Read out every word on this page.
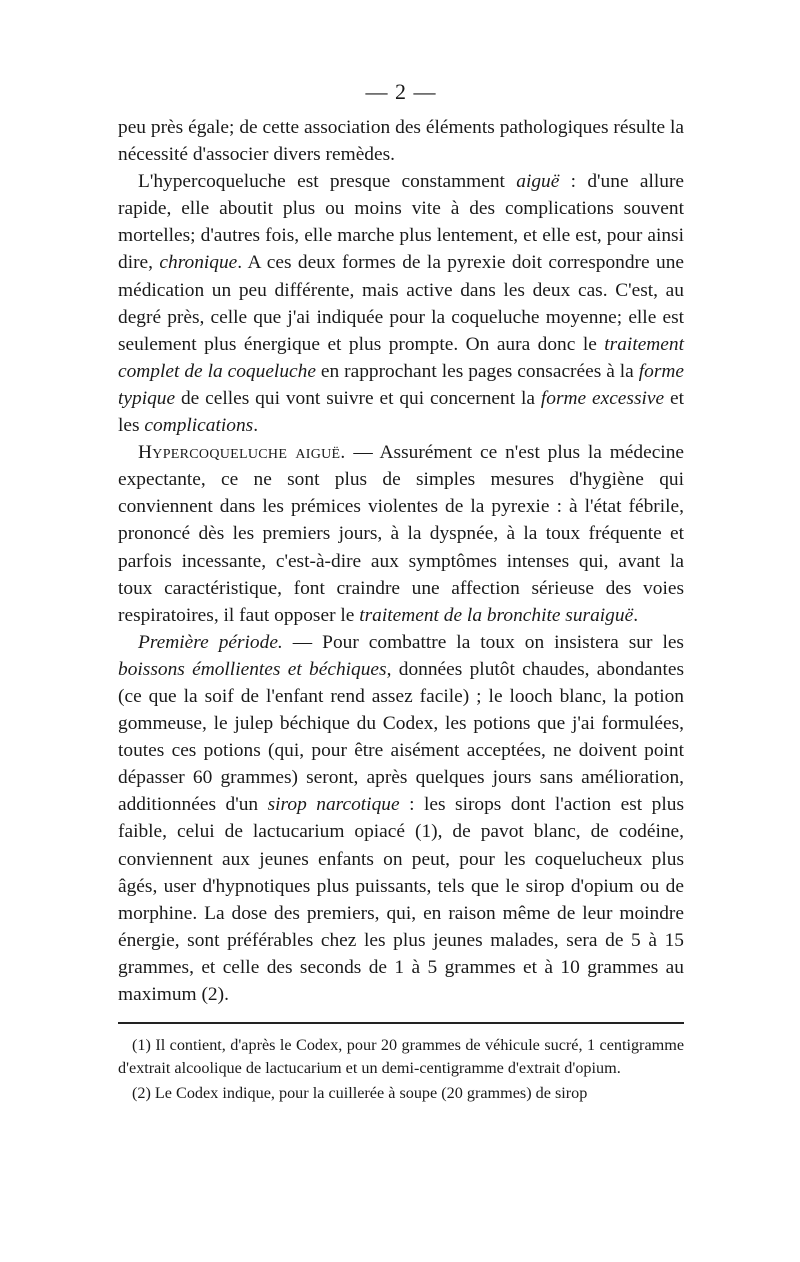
— 2 —

peu près égale; de cette association des éléments pathologiques résulte la nécessité d'associer divers remèdes.

L'hypercoqueluche est presque constamment aiguë : d'une allure rapide, elle aboutit plus ou moins vite à des complications souvent mortelles; d'autres fois, elle marche plus lentement, et elle est, pour ainsi dire, chronique. A ces deux formes de la pyrexie doit correspondre une médication un peu différente, mais active dans les deux cas. C'est, au degré près, celle que j'ai indiquée pour la coqueluche moyenne; elle est seulement plus énergique et plus prompte. On aura donc le traitement complet de la coqueluche en rapprochant les pages consacrées à la forme typique de celles qui vont suivre et qui concernent la forme excessive et les complications.

Hypercoqueluche aiguë. — Assurément ce n'est plus la médecine expectante, ce ne sont plus de simples mesures d'hygiène qui conviennent dans les prémices violentes de la pyrexie : à l'état fébrile, prononcé dès les premiers jours, à la dyspnée, à la toux fréquente et parfois incessante, c'est-à-dire aux symptômes intenses qui, avant la toux caractéristique, font craindre une affection sérieuse des voies respiratoires, il faut opposer le traitement de la bronchite suraiguë.

Première période. — Pour combattre la toux on insistera sur les boissons émollientes et béchiques, données plutôt chaudes, abondantes (ce que la soif de l'enfant rend assez facile) ; le looch blanc, la potion gommeuse, le julep béchique du Codex, les potions que j'ai formulées, toutes ces potions (qui, pour être aisément acceptées, ne doivent point dépasser 60 grammes) seront, après quelques jours sans amélioration, additionnées d'un sirop narcotique : les sirops dont l'action est plus faible, celui de lactucarium opiacé (1), de pavot blanc, de codéine, conviennent aux jeunes enfants on peut, pour les coquelucheux plus âgés, user d'hypnotiques plus puissants, tels que le sirop d'opium ou de morphine. La dose des premiers, qui, en raison même de leur moindre énergie, sont préférables chez les plus jeunes malades, sera de 5 à 15 grammes, et celle des seconds de 1 à 5 grammes et à 10 grammes au maximum (2).

(1) Il contient, d'après le Codex, pour 20 grammes de véhicule sucré, 1 centigramme d'extrait alcoolique de lactucarium et un demi-centigramme d'extrait d'opium.

(2) Le Codex indique, pour la cuillerée à soupe (20 grammes) de sirop
